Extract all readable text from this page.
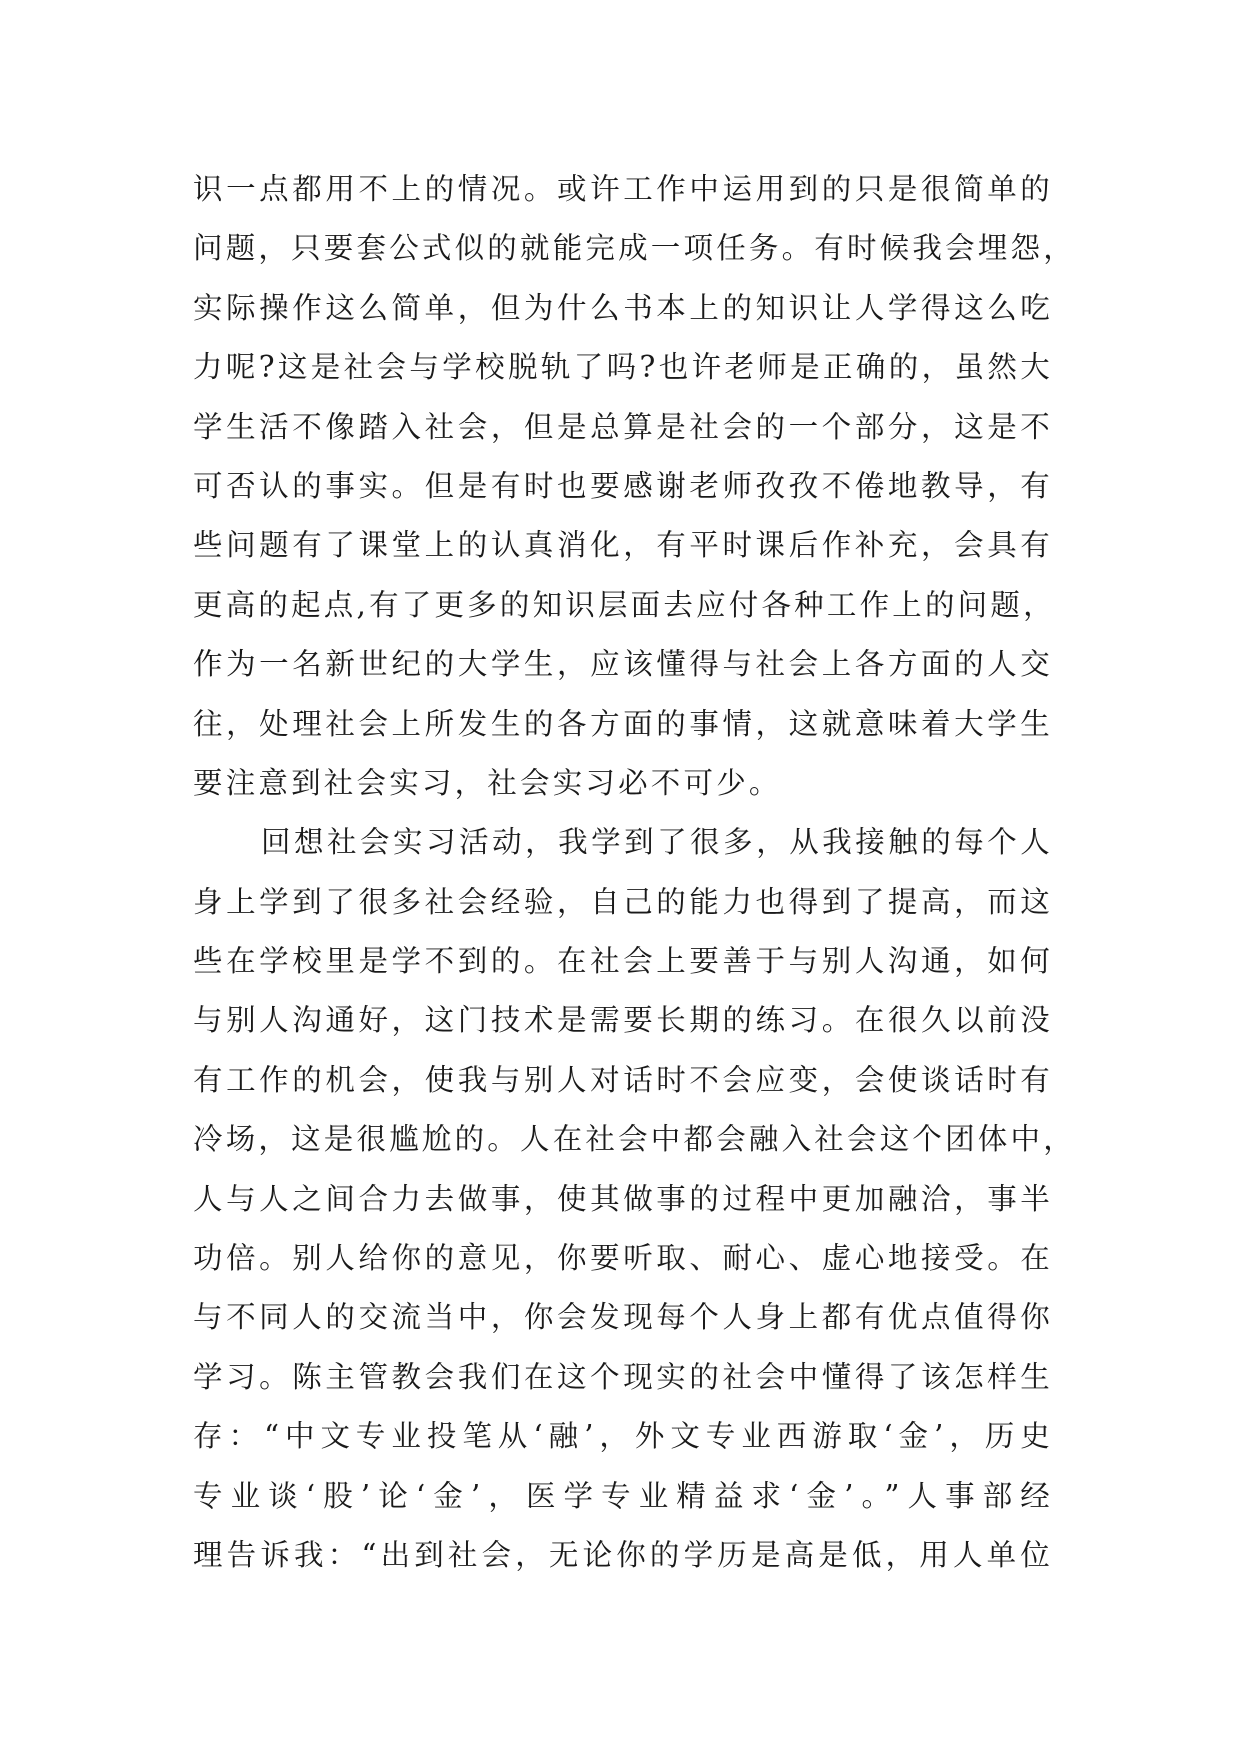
识一点都用不上的情况。或许工作中运用到的只是很简单的
问题，只要套公式似的就能完成一项任务。有时候我会埋怨，
实际操作这么简单，但为什么书本上的知识让人学得这么吃
力呢?这是社会与学校脱轨了吗?也许老师是正确的，虽然大
学生活不像踏入社会，但是总算是社会的一个部分，这是不
可否认的事实。但是有时也要感谢老师孜孜不倦地教导，有
些问题有了课堂上的认真消化，有平时课后作补充，会具有
更高的起点,有了更多的知识层面去应付各种工作上的问题，
作为一名新世纪的大学生，应该懂得与社会上各方面的人交
往，处理社会上所发生的各方面的事情，这就意味着大学生
要注意到社会实习，社会实习必不可少。
回想社会实习活动，我学到了很多，从我接触的每个人
身上学到了很多社会经验，自己的能力也得到了提高，而这
些在学校里是学不到的。在社会上要善于与别人沟通，如何
与别人沟通好，这门技术是需要长期的练习。在很久以前没
有工作的机会，使我与别人对话时不会应变，会使谈话时有
冷场，这是很尴尬的。人在社会中都会融入社会这个团体中，
人与人之间合力去做事，使其做事的过程中更加融洽，事半
功倍。别人给你的意见，你要听取、耐心、虚心地接受。在
与不同人的交流当中，你会发现每个人身上都有优点值得你
学习。陈主管教会我们在这个现实的社会中懂得了该怎样生
存：“中文专业投笔从‘融’，外文专业西游取‘金’，历史
专业谈‘股’论‘金’，医学专业精益求‘金’。”人事部经
理告诉我：“出到社会，无论你的学历是高是低，用人单位
